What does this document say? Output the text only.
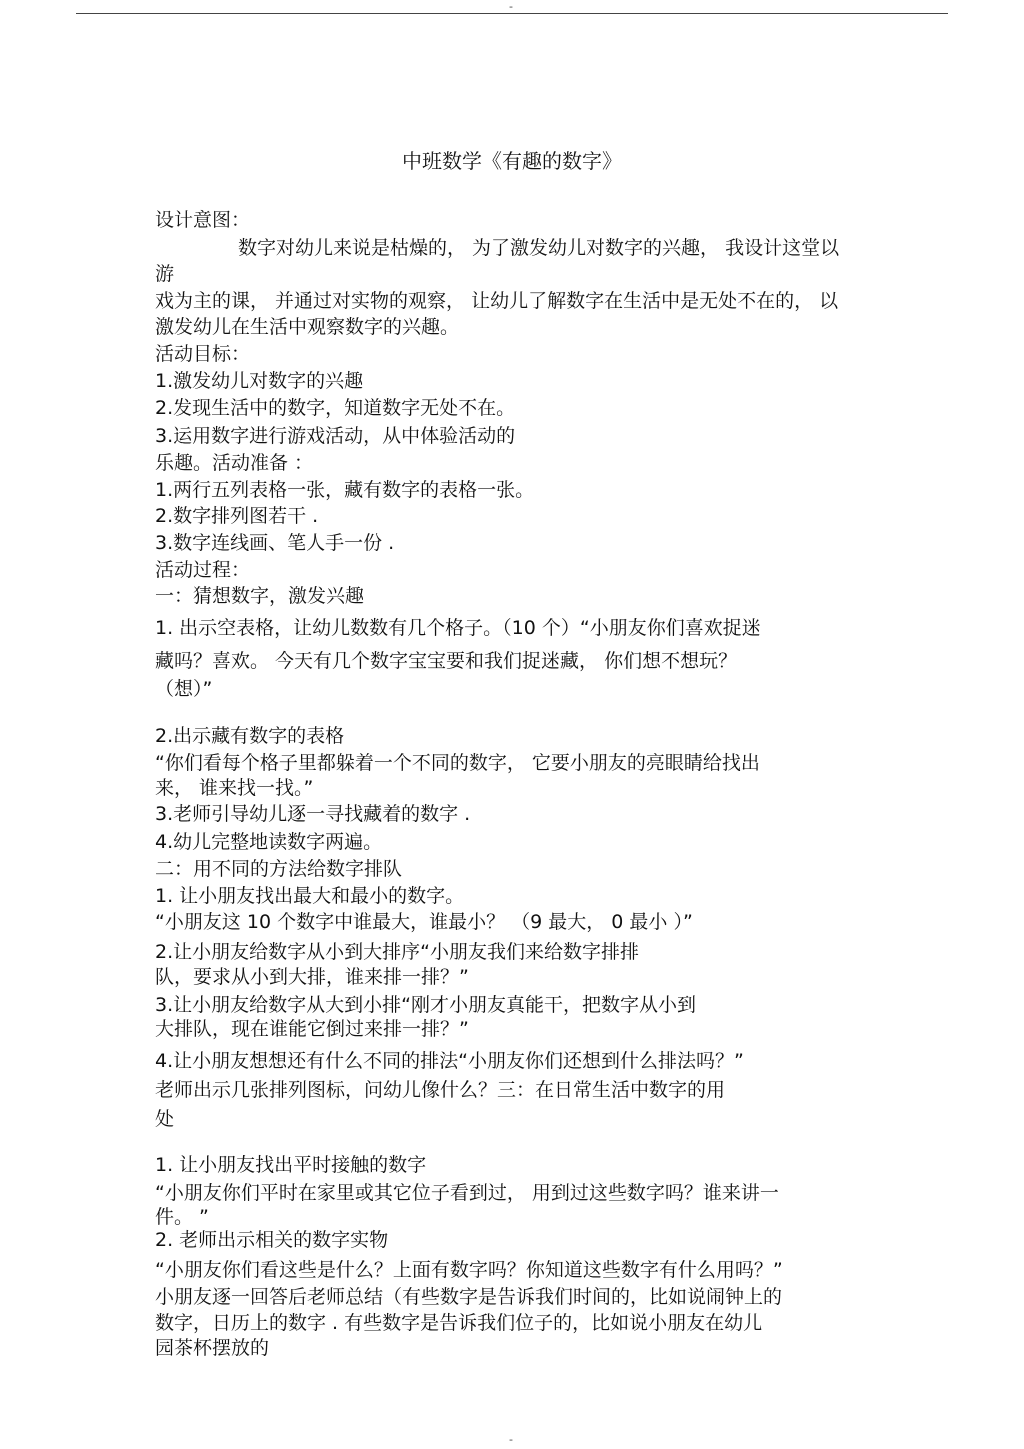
-
中班数学《有趣的数字》
设计意图：
数字对幼儿来说是枯燥的， 为了激发幼儿对数字的兴趣， 我设计这堂以
游
戏为主的课， 并通过对实物的观察， 让幼儿了解数字在生活中是无处不在的， 以
激发幼儿在生活中观察数字的兴趣。
活动目标：
1.激发幼儿对数字的兴趣
2.发现生活中的数字，知道数字无处不在。
3.运用数字进行游戏活动，从中体验活动的
乐趣。活动准备 ：
1.两行五列表格一张，藏有数字的表格一张。
2.数字排列图若干 .
3.数字连线画、笔人手一份 .
活动过程：
一：猜想数字，激发兴趣
1. 出示空表格，让幼儿数数有几个格子。（10 个）“小朋友你们喜欢捉迷
藏吗？喜欢。 今天有几个数字宝宝要和我们捉迷藏， 你们想不想玩？
（想）”
2.出示藏有数字的表格
“你们看每个格子里都躲着一个不同的数字， 它要小朋友的亮眼睛给找出
来， 谁来找一找。”
3.老师引导幼儿逐一寻找藏着的数字 .
4.幼儿完整地读数字两遍。
二：用不同的方法给数字排队
1. 让小朋友找出最大和最小的数字。
“小朋友这 10 个数字中谁最大，谁最小？ （9 最大， 0 最小 ）”
2.让小朋友给数字从小到大排序“小朋友我们来给数字排排
队，要求从小到大排，谁来排一排？”
3.让小朋友给数字从大到小排“刚才小朋友真能干，把数字从小到
大排队，现在谁能它倒过来排一排？”
4.让小朋友想想还有什么不同的排法“小朋友你们还想到什么排法吗？”
老师出示几张排列图标，问幼儿像什么？三：在日常生活中数字的用
处
1. 让小朋友找出平时接触的数字
“小朋友你们平时在家里或其它位子看到过， 用到过这些数字吗？谁来讲一
件。 ”
2. 老师出示相关的数字实物
“小朋友你们看这些是什么？上面有数字吗？你知道这些数字有什么用吗？”
小朋友逐一回答后老师总结（有些数字是告诉我们时间的，比如说闹钟上的
数字，日历上的数字 . 有些数字是告诉我们位子的，比如说小朋友在幼儿
园茶杯摆放的
-
